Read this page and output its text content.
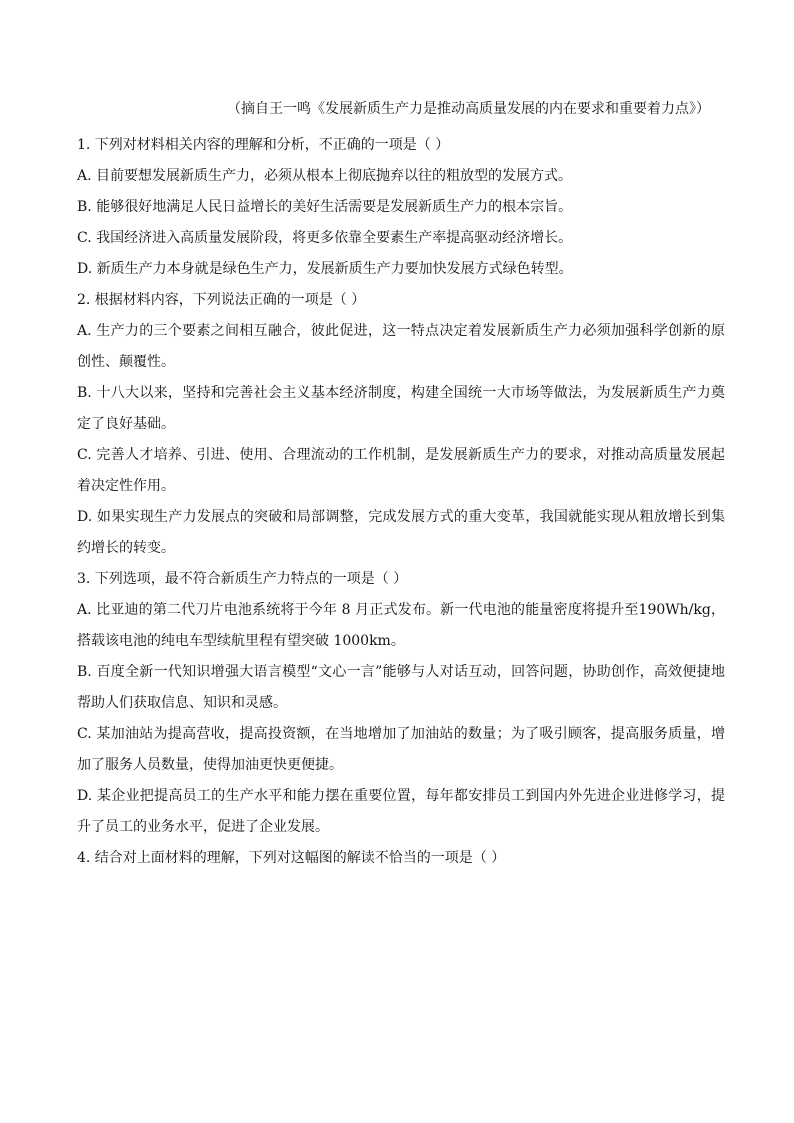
（摘自王一鸣《发展新质生产力是推动高质量发展的内在要求和重要着力点》）

1. 下列对材料相关内容的理解和分析，不正确的一项是（ ）

A. 目前要想发展新质生产力，必须从根本上彻底抛弃以往的粗放型的发展方式。

B. 能够很好地满足人民日益增长的美好生活需要是发展新质生产力的根本宗旨。

C. 我国经济进入高质量发展阶段，将更多依靠全要素生产率提高驱动经济增长。

D. 新质生产力本身就是绿色生产力，发展新质生产力要加快发展方式绿色转型。

2. 根据材料内容，下列说法正确的一项是（ ）

A. 生产力的三个要素之间相互融合，彼此促进，这一特点决定着发展新质生产力必须加强科学创新的原创性、颠覆性。

B. 十八大以来，坚持和完善社会主义基本经济制度，构建全国统一大市场等做法，为发展新质生产力奠定了良好基础。

C. 完善人才培养、引进、使用、合理流动的工作机制，是发展新质生产力的要求，对推动高质量发展起着决定性作用。

D. 如果实现生产力发展点的突破和局部调整，完成发展方式的重大变革，我国就能实现从粗放增长到集约增长的转变。

3. 下列选项，最不符合新质生产力特点的一项是（ ）

A. 比亚迪的第二代刀片电池系统将于今年 8 月正式发布。新一代电池的能量密度将提升至190Wh/kg，搭载该电池的纯电车型续航里程有望突破 1000km。

B. 百度全新一代知识增强大语言模型“文心一言”能够与人对话互动，回答问题，协助创作，高效便捷地帮助人们获取信息、知识和灵感。

C. 某加油站为提高营收，提高投资额，在当地增加了加油站的数量；为了吸引顾客，提高服务质量，增加了服务人员数量，使得加油更快更便捷。

D. 某企业把提高员工的生产水平和能力摆在重要位置，每年都安排员工到国内外先进企业进修学习，提升了员工的业务水平，促进了企业发展。

4. 结合对上面材料的理解，下列对这幅图的解读不恰当的一项是（ ）
